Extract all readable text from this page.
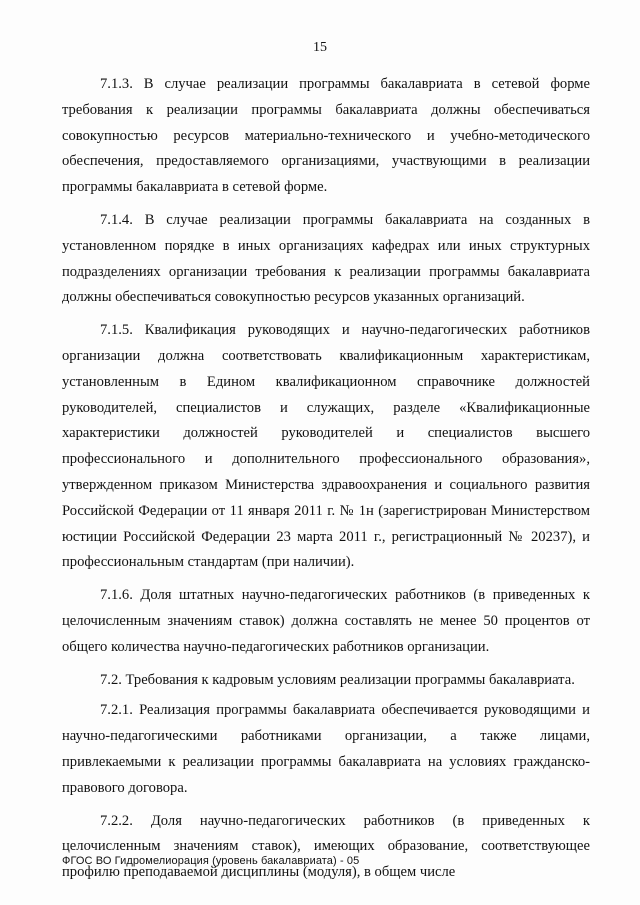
15

7.1.3. В случае реализации программы бакалавриата в сетевой форме требования к реализации программы бакалавриата должны обеспечиваться совокупностью ресурсов материально-технического и учебно-методического обеспечения, предоставляемого организациями, участвующими в реализации программы бакалавриата в сетевой форме.

7.1.4. В случае реализации программы бакалавриата на созданных в установленном порядке в иных организациях кафедрах или иных структурных подразделениях организации требования к реализации программы бакалавриата должны обеспечиваться совокупностью ресурсов указанных организаций.

7.1.5. Квалификация руководящих и научно-педагогических работников организации должна соответствовать квалификационным характеристикам, установленным в Едином квалификационном справочнике должностей руководителей, специалистов и служащих, разделе «Квалификационные характеристики должностей руководителей и специалистов высшего профессионального и дополнительного профессионального образования», утвержденном приказом Министерства здравоохранения и социального развития Российской Федерации от 11 января 2011 г. № 1н (зарегистрирован Министерством юстиции Российской Федерации 23 марта 2011 г., регистрационный № 20237), и профессиональным стандартам (при наличии).

7.1.6. Доля штатных научно-педагогических работников (в приведенных к целочисленным значениям ставок) должна составлять не менее 50 процентов от общего количества научно-педагогических работников организации.

7.2. Требования к кадровым условиям реализации программы бакалавриата.

7.2.1. Реализация программы бакалавриата обеспечивается руководящими и научно-педагогическими работниками организации, а также лицами, привлекаемыми к реализации программы бакалавриата на условиях гражданско-правового договора.

7.2.2. Доля научно-педагогических работников (в приведенных к целочисленным значениям ставок), имеющих образование, соответствующее профилю преподаваемой дисциплины (модуля), в общем числе

ФГОС ВО Гидромелиорация (уровень бакалавриата) - 05
